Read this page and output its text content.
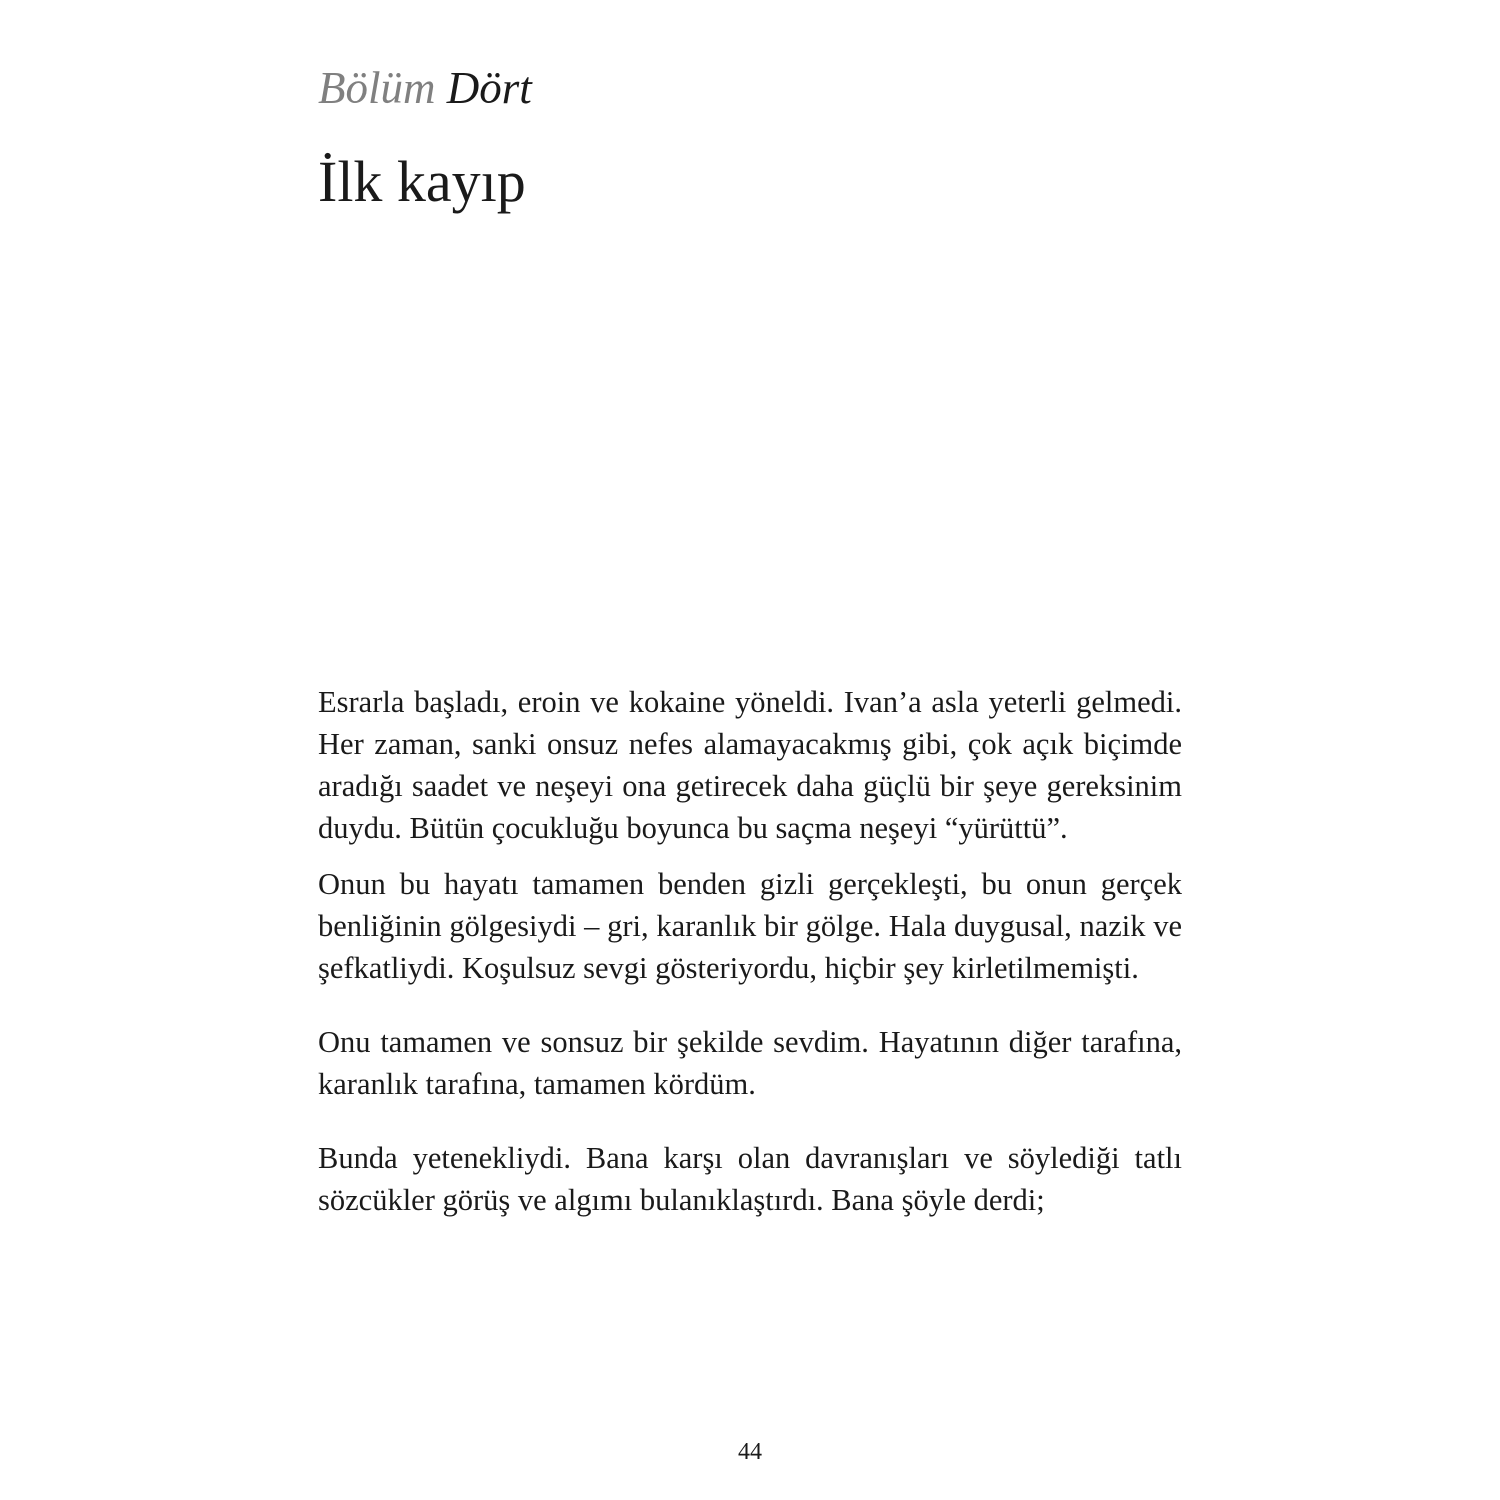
Bölüm Dört

İlk kayıp

Esrarla başladı, eroin ve kokaine yöneldi. Ivan’a asla yeterli gelmedi. Her zaman, sanki onsuz nefes alamayacakmış gibi, çok açık biçimde aradığı saadet ve neşeyi ona getirecek daha güçlü bir şeye gereksinim duydu. Bütün çocukluğu boyunca bu saçma neşeyi “yürüttü”.

Onun bu hayatı tamamen benden gizli gerçekleşti, bu onun gerçek benliğinin gölgesiydi – gri, karanlık bir gölge. Hala duygusal, nazik ve şefkatliydi. Koşulsuz sevgi gösteriyordu, hiçbir şey kirletilmemişti.

Onu tamamen ve sonsuz bir şekilde sevdim. Hayatının diğer tarafına, karanlık tarafına, tamamen kördüm.

Bunda yetenekliydi. Bana karşı olan davranışları ve söylediği tatlı sözcükler görüş ve algımı bulanıklaştırdı. Bana şöyle derdi;

44
